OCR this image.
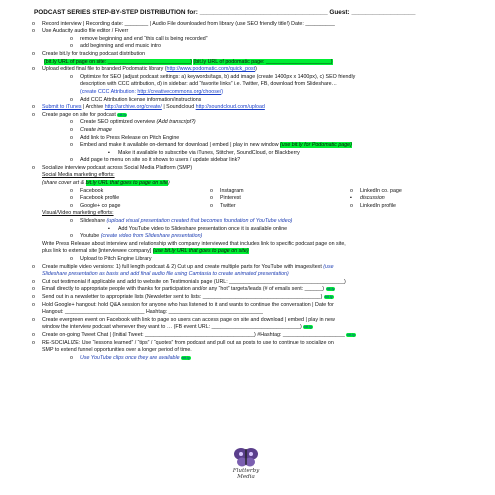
PODCAST SERIES STEP-BY-STEP DISTRIBUTION for: ____________________________________ Guest: __________________
o Record interview | Recording date: ________ | Audio File downloaded from library (use SEO friendly title!) Date: __________
o Use Audacity audio file editor / Fiverr
o remove beginning and end “this call is being recorded”
o add beginning and end music intro
o Create bit.ly for tracking podcast distribution
(bit.ly URL of page on site: ____________________________) (bit.ly URL of podomatic page: ______________________)
o Upload edited final file to branded Podomatic library (http://www.podomatic.com/quick_post)
o Optimize for SEO (adjust podcast settings: a) keywords/tags, b) add image (create 1400px x 1400px), c) SEO friendly
description with CCC attribution, d) in sidebar: add “favorite links” i.e. Twitter, FB, download from Slideshare…
(create CCC Attribution: http://creativecommons.org/choose/)
o Add CCC Attribution license information/instructions
o Submit to iTunes | Archive http://archive.org/create/ | Soundcloud http://soundcloud.com/upload
o Create page on site for podcast bit.ly
o Create SEO optimized overview (Add transcript?)
o Create image
o Add link to Press Release on Pitch Engine
o Embed and make it available on-demand for download | embed | play in new window (use bit.ly for Podomatic page)
▪ Make it available to subscribe via iTunes, Stitcher, SoundCloud, or Blackberry
o Add page to menu on site so it shows to users / update sidebar link?
o Socialize interview podcast across Social Media Platform (SMP)
Social Media marketing efforts:
(share cover art & bit.ly URL that goes to page on site)
o Facebook	o Instagram	o LinkedIn co. page
o Facebook profile	o Pinterest	▪ discussion
o Google+ co page	o Twitter	o LinkedIn profile
Visual/Video marketing efforts:
o Slideshare (upload visual presentation created that becomes foundation of YouTube video)
▪ Add YouTube video to Slideshare presentation once it is available online
o Youtube (create video from Slideshare presentation)
Write Press Release about interview and relationship with company interviewed that includes link to specific podcast page on site,
plus link to external site [interviewee company] (use bit.ly URL that goes to page on site)
o Upload to Pitch Engine Library
o Create multiple video versions: 1) full length podcast & 2) Cut up and create multiple parts for YouTube with images/text (use
Slideshare presentation as basis and add final audio file using Camtasia to create animated presentation)
o Cut out testimonial if applicable and add to website on Testimonials page (URL: _______________________________________)
o Email directly to appropriate people with thanks for participation and/or any “hot” targets/leads (# of emails sent: ______) bit.ly
o Send out in a newsletter to appropriate lists (Newsletter sent to lists: ________________________________________) bit.ly
o Hold Google+ hangout: hold Q&A session for anyone who has listened to it and wants to continue the conversation | Date for
Hangout: ___________________________ Hashtag: ________________________________
o Create evergreen event on Facebook with link to page so users can access page on site and download | embed | play in new
window the interview podcast whenever they want to … (FB event URL: ______________________________) bit.ly
o Create on-going Tweet Chat | (Initial Tweet: _____________________________________) #Hashtag: _____________________ bit.ly
o RE-SOCIALIZE: Use “lessons learned” / “tips” / “quotes” from podcast and pull out as posts to use to continue to socialize on
SMP to extend funnel opportunities over a longer period of time.
o Use YouTube clips once they are available bit.ly
Flutterby
Media
